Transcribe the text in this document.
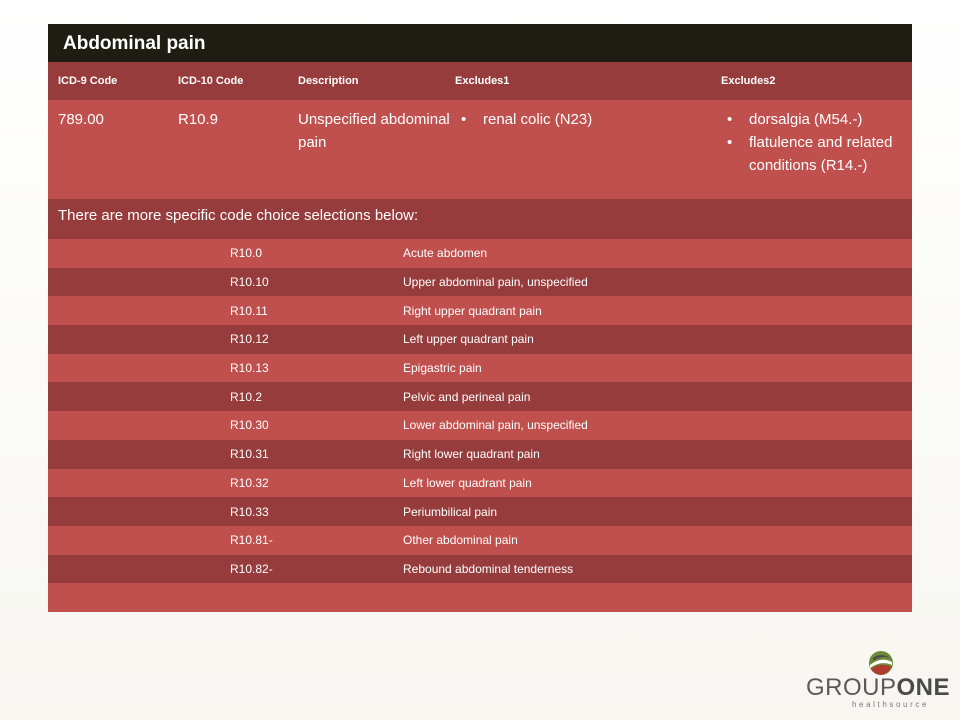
Abdominal pain
ICD-9 Code	ICD-10 Code	Description	Excludes1	Excludes2
789.00	R10.9	Unspecified abdominal pain
• renal colic (N23)
•	dorsalgia (M54.-)
• flatulence and related conditions (R14.-)
There are more specific code choice selections below:
R10.0	Acute abdomen
R10.10	Upper abdominal pain, unspecified
R10.11	Right upper quadrant pain
R10.12	Left upper quadrant pain
R10.13	Epigastric pain
R10.2	Pelvic and perineal pain
R10.30	Lower abdominal pain, unspecified
R10.31	Right lower quadrant pain
R10.32	Left lower quadrant pain
R10.33	Periumbilical pain
R10.81-	Other abdominal pain
R10.82-	Rebound abdominal tenderness
GROUPONE
healthsource
